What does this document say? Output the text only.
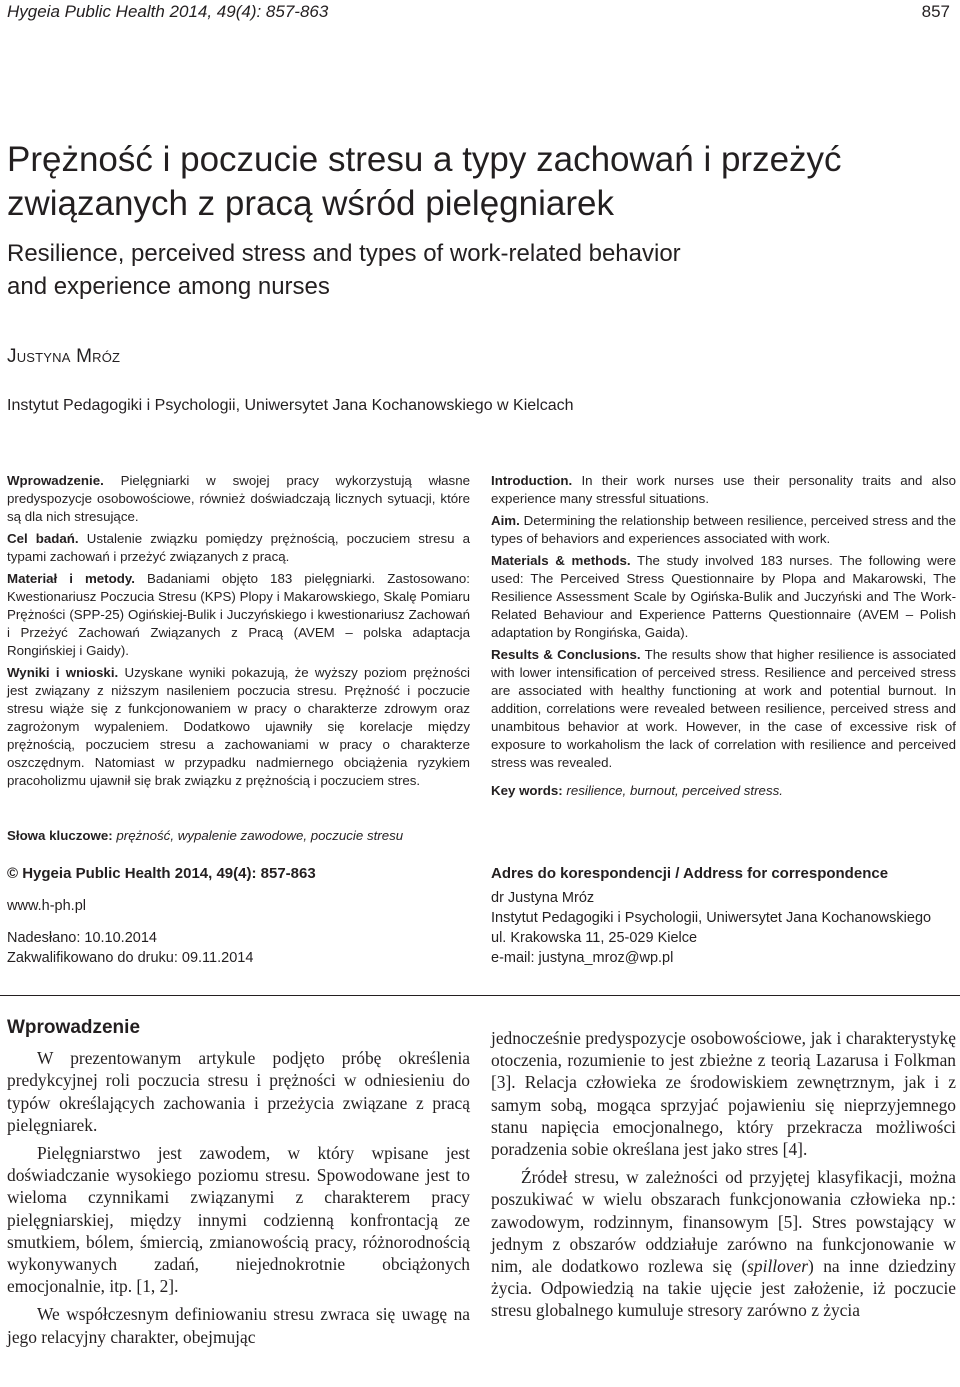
Hygeia Public Health 2014, 49(4): 857-863	857
Prężność i poczucie stresu a typy zachowań i przeżyć
związanych z pracą wśród pielęgniarek
Resilience, perceived stress and types of work-related behavior
and experience among nurses
Justyna Mróz
Instytut Pedagogiki i Psychologii, Uniwersytet Jana Kochanowskiego w Kielcach

Wprowadzenie. Pielęgniarki w swojej pracy wykorzystują własne predyspozycje osobowościowe, również doświadczają licznych sytuacji, które są dla nich stresujące.

Cel badań. Ustalenie związku pomiędzy prężnością, poczuciem stresu a typami zachowań i przeżyć związanych z pracą.

Materiał i metody. Badaniami objęto 183 pielęgniarki. Zastosowano: Kwestionariusz Poczucia Stresu (KPS) Plopy i Makarowskiego, Skalę Pomiaru Prężności (SPP-25) Ogińskiej-Bulik i Juczyńskiego i kwestionariusz Zachowań i Przeżyć Zachowań Związanych z Pracą (AVEM – polska adaptacja Rongińskiej i Gaidy).

Wyniki i wnioski. Uzyskane wyniki pokazują, że wyższy poziom prężności jest związany z niższym nasileniem poczucia stresu. Prężność i poczucie stresu wiąże się z funkcjonowaniem w pracy o charakterze zdrowym oraz zagrożonym wypaleniem. Dodatkowo ujawniły się korelacje między prężnością, poczuciem stresu a zachowaniami w pracy o charakterze oszczędnym. Natomiast w przypadku nadmiernego obciążenia ryzykiem pracoholizmu ujawnił się brak związku z prężnością i poczuciem stres.

Słowa kluczowe: prężność, wypalenie zawodowe, poczucie stresu

Introduction. In their work nurses use their personality traits and also experience many stressful situations.

Aim. Determining the relationship between resilience, perceived stress and the types of behaviors and experiences associated with work.

Materials & methods. The study involved 183 nurses. The following were used: The Perceived Stress Questionnaire by Plopa and Makarowski, The Resilience Assessment Scale by Ogińska-Bulik and Juczyński and The Work-Related Behaviour and Experience Patterns Questionnaire (AVEM – Polish adaptation by Rongińska, Gaida).

Results & Conclusions. The results show that higher resilience is associated with lower intensification of perceived stress. Resilience and perceived stress are associated with healthy functioning at work and potential burnout. In addition, correlations were revealed between resilience, perceived stress and unambitous behavior at work. However, in the case of excessive risk of exposure to workaholism the lack of correlation with resilience and perceived stress was revealed.

Key words: resilience, burnout, perceived stress.

© Hygeia Public Health 2014, 49(4): 857-863
www.h-ph.pl
Nadesłano: 10.10.2014
Zakwalifikowano do druku: 09.11.2014
Adres do korespondencji / Address for correspondence
dr Justyna Mróz
Instytut Pedagogiki i Psychologii, Uniwersytet Jana Kochanowskiego
ul. Krakowska 11, 25-029 Kielce
e-mail: justyna_mroz@wp.pl
Wprowadzenie

W prezentowanym artykule podjęto próbę określenia predykcyjnej roli poczucia stresu i prężności w odniesieniu do typów określających zachowania i przeżycia związane z pracą pielęgniarek.

Pielęgniarstwo jest zawodem, w który wpisane jest doświadczanie wysokiego poziomu stresu. Spowodowane jest to wieloma czynnikami związanymi z charakterem pracy pielęgniarskiej, między innymi codzienną konfrontacją ze smutkiem, bólem, śmiercią, zmianowością pracy, różnorodnością wykonywanych zadań, niejednokrotnie obciążonych emocjonalnie, itp. [1, 2].

We współczesnym definiowaniu stresu zwraca się uwagę na jego relacyjny charakter, obejmując

jednocześnie predyspozycje osobowościowe, jak i charakterystykę otoczenia, rozumienie to jest zbieżne z teorią Lazarusa i Folkman [3]. Relacja człowieka ze środowiskiem zewnętrznym, jak i z samym sobą, mogąca sprzyjać pojawieniu się nieprzyjemnego stanu napięcia emocjonalnego, który przekracza możliwości poradzenia sobie określana jest jako stres [4].

Źródeł stresu, w zależności od przyjętej klasyfikacji, można poszukiwać w wielu obszarach funkcjonowania człowieka np.: zawodowym, rodzinnym, finansowym [5]. Stres powstający w jednym z obszarów oddziałuje zarówno na funkcjonowanie w nim, ale dodatkowo rozlewa się (spillover) na inne dziedziny życia. Odpowiedzią na takie ujęcie jest założenie, iż poczucie stresu globalnego kumuluje stresory zarówno z życia
